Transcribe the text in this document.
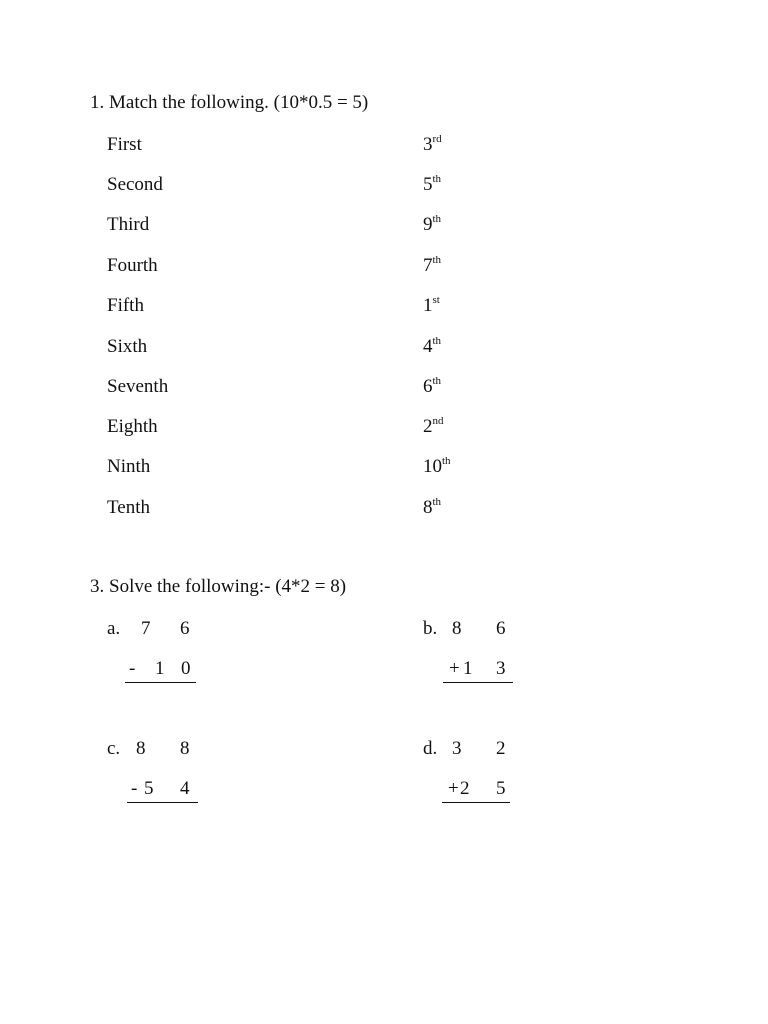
1. Match the following. (10*0.5 = 5)
First	3rd
Second	5th
Third	9th
Fourth	7th
Fifth	1st
Sixth	4th
Seventh	6th
Eighth	2nd
Ninth	10th
Tenth	8th
3. Solve the following:- (4*2 = 8)
a. 7 6
- 1 0
b. 8 6
+ 1 3
c. 8 8
- 5 4
d. 3 2
+ 2 5
